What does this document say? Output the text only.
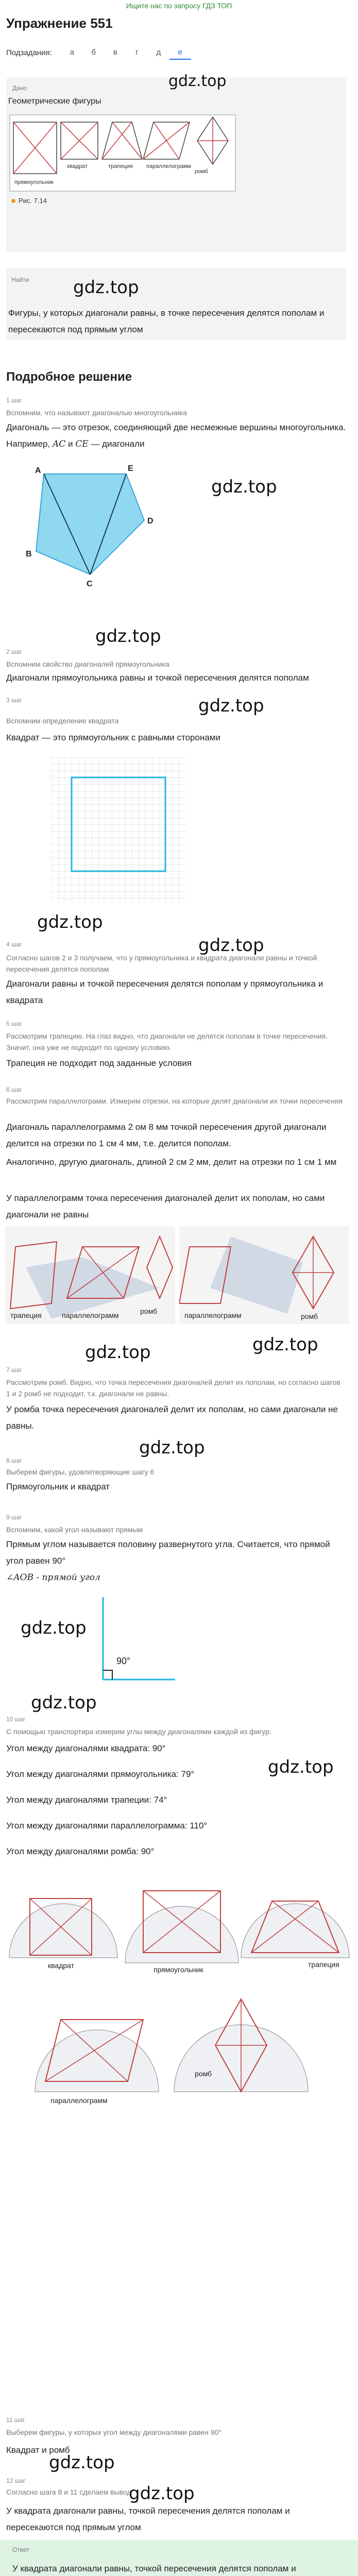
Ищите нас по запросу ГДЗ ТОП
Упражнение 551
Подзадания:	а	б	в	г	д	е
Дано
Геометрические фигуры
gdz.top
прямоугольник
квадрат	трапеция параллелограмм
ромб
Рис. 7.14
Найти	gdz.top
Фигуры, у которых диагонали равны, в точке пересечения делятся пополам и пересекаются под прямым углом
Подробное решение
1 шаг
Вспомним, что называют диагональю многоугольника
Диагональ — это отрезок, соединяющий две несмежные вершины многоугольника. Например, AC и CE — диагонали
gdz.top
A	E
D
C
B
gdz.top
2 шаг
Вспомним свойство диагоналей прямоугольника
Диагонали прямоугольника равны и точкой пересечения делятся пополам
3 шаг	gdz.top
Вспомним определение квадрата
Квадрат — это прямоугольник с равными сторонами
gdz.top
4 шаг	gdz.top
Согласно шагов 2 и 3 получаем, что у прямоугольника и квадрата диагонали равны и точкой пересечения делятся пополам
Диагонали равны и точкой пересечения делятся пополам у прямоугольника и квадрата
5 шаг
Рассмотрим трапецию. На глаз видно, что диагонали не делятся пополам в точке пересечения. Значит, она уже не подходит по одному условию.
Трапеция не подходит под заданные условия
6 шаг
Рассмотрим параллелограмм. Измерим отрезки, на которые делят диагонали их точки пересечения
Диагональ параллелограмма 2 ом 8 мм точкой пересечения другой диагонали делится на отрезки по 1 см 4 мм, т.е. делится пополам.
Аналогично, другую диагональ, длиной 2 см 2 мм, делит на отрезки по 1 см 1 мм
У параллелограмм точка пересечения диагоналей делит их пополам, но сами диагонали не равны
трапеция	параллелограмм	ромб	параллелограмм	ромб
gdz.top
gdz.top
7 шаг
Рассмотрим ромб. Видно, что точка пересечения диагоналей делит их пополам, но согласно шагов 1 и 2 ромб не подходит, т.к. диагонали не равны.
У ромба точка пересечения диагоналей делит их пополам, но сами диагонали не равны.
gdz.top
8 шаг
Выберем фигуры, удовлетворяющие шагу 6
Прямоугольник и квадрат
9 шаг
Вспомним, какой угол называют прямым
Прямым углом называется половину развернутого угла. Считается, что прямой угол равен 90°
∠AOB - прямой угол
gdz.top
90°
gdz.top
10 шаг
С помощью транспортира измерим углы между диагоналями каждой из фигур.
Угол между диагоналями квадрата: 90°
gdz.top
Угол между диагоналями прямоугольника: 79°
Угол между диагоналями трапеции: 74°
Угол между диагоналями параллелограмма: 110°
Угол между диагоналями ромба: 90°
квадрат	прямоугольник
трапеция
параллелограмм
ромб
11 шаг
Выберем фигуры, у которых угол между диагоналями равен 90°
Квадрат и ромб
gdz.top
12 шаг
Согласно шага 8 и 11 сделаем вывод
gdz.top
У квадрата диагонали равны, точкой пересечения делятся пополам и пересекаются под прямым углом
Ответ
У квадрата диагонали равны, точкой пересечения делятся пополам и
